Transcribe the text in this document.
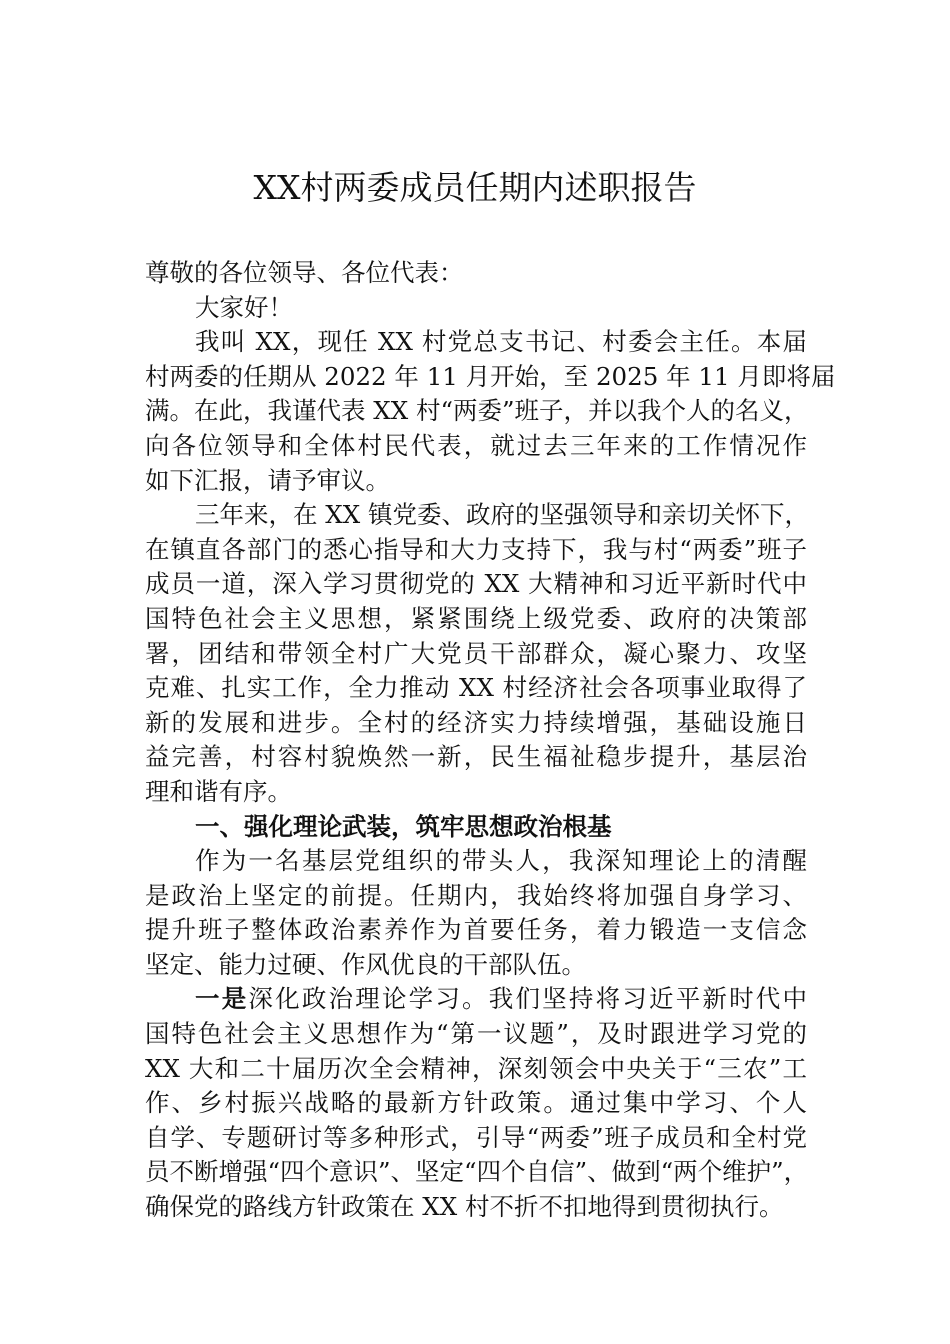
XX村两委成员任期内述职报告
尊敬的各位领导、各位代表：
大家好！
我叫 XX，现任 XX 村党总支书记、村委会主任。本届
村两委的任期从 2022 年 11 月开始，至 2025 年 11 月即将届
满。在此，我谨代表 XX 村“两委”班子，并以我个人的名义，
向各位领导和全体村民代表，就过去三年来的工作情况作
如下汇报，请予审议。
三年来，在 XX 镇党委、政府的坚强领导和亲切关怀下，
在镇直各部门的悉心指导和大力支持下，我与村“两委”班子
成员一道，深入学习贯彻党的 XX 大精神和习近平新时代中
国特色社会主义思想，紧紧围绕上级党委、政府的决策部
署，团结和带领全村广大党员干部群众，凝心聚力、攻坚
克难、扎实工作，全力推动 XX 村经济社会各项事业取得了
新的发展和进步。全村的经济实力持续增强，基础设施日
益完善，村容村貌焕然一新，民生福祉稳步提升，基层治
理和谐有序。
一、强化理论武装，筑牢思想政治根基
作为一名基层党组织的带头人，我深知理论上的清醒
是政治上坚定的前提。任期内，我始终将加强自身学习、
提升班子整体政治素养作为首要任务，着力锻造一支信念
坚定、能力过硬、作风优良的干部队伍。
一是深化政治理论学习。我们坚持将习近平新时代中
国特色社会主义思想作为“第一议题”，及时跟进学习党的
XX 大和二十届历次全会精神，深刻领会中央关于“三农”工
作、乡村振兴战略的最新方针政策。通过集中学习、个人
自学、专题研讨等多种形式，引导“两委”班子成员和全村党
员不断增强“四个意识”、坚定“四个自信”、做到“两个维护”，
确保党的路线方针政策在 XX 村不折不扣地得到贯彻执行。
